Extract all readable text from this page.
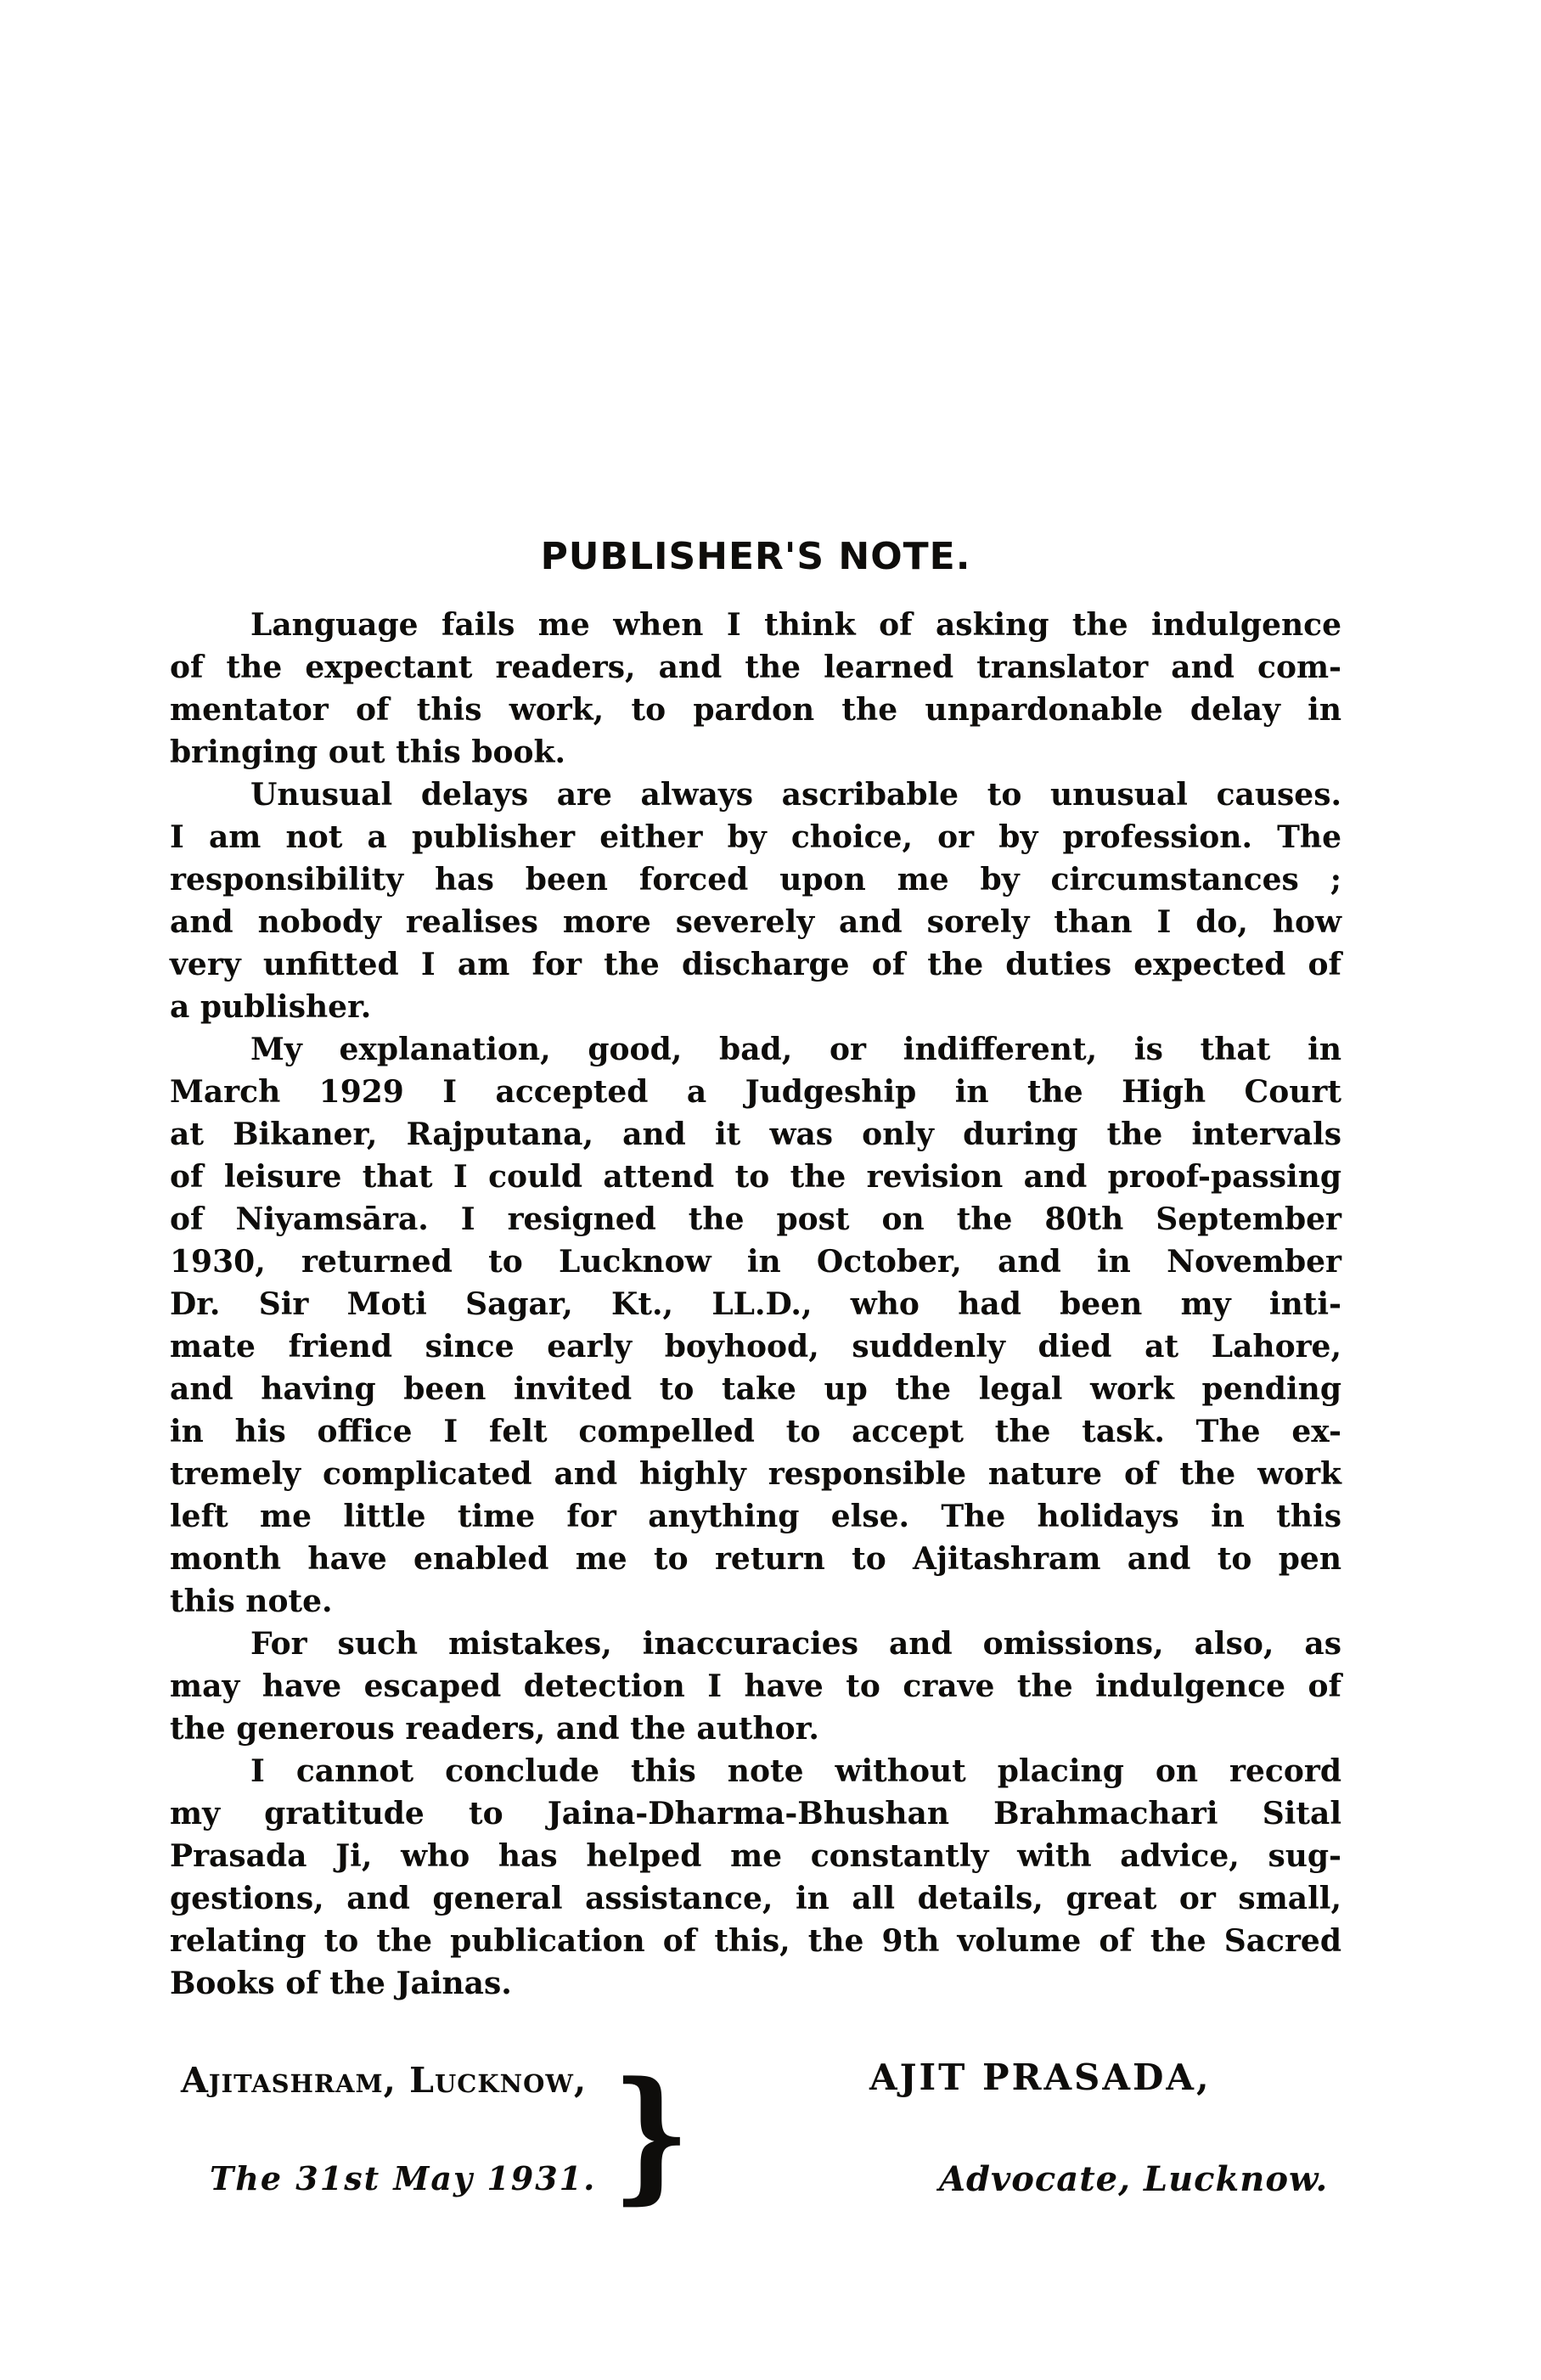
PUBLISHER'S NOTE.

Language fails me when I think of asking the indulgence
of the expectant readers, and the learned translator and com-
mentator of this work, to pardon the unpardonable delay in
bringing out this book.

Unusual delays are always ascribable to unusual causes.
I am not a publisher either by choice, or by profession. The
responsibility has been forced upon me by circumstances ;
and nobody realises more severely and sorely than I do, how
very unfitted I am for the discharge of the duties expected of
a publisher.

My explanation, good, bad, or indifferent, is that in
March 1929 I accepted a Judgeship in the High Court
at Bikaner, Rajputana, and it was only during the intervals
of leisure that I could attend to the revision and proof-passing
of Niyamsāra. I resigned the post on the 80th September
1930, returned to Lucknow in October, and in November
Dr. Sir Moti Sagar, Kt., LL.D., who had been my inti-
mate friend since early boyhood, suddenly died at Lahore,
and having been invited to take up the legal work pending
in his office I felt compelled to accept the task. The ex-
tremely complicated and highly responsible nature of the work
left me little time for anything else. The holidays in this
month have enabled me to return to Ajitashram and to pen
this note.

For such mistakes, inaccuracies and omissions, also, as
may have escaped detection I have to crave the indulgence of
the generous readers, and the author.

I cannot conclude this note without placing on record
my gratitude to Jaina-Dharma-Bhushan Brahmachari Sital
Prasada Ji, who has helped me constantly with advice, sug-
gestions, and general assistance, in all details, great or small,
relating to the publication of this, the 9th volume of the Sacred
Books of the Jainas.

Ajitashram, Lucknow,
The 31st May 1931. }	AJIT PRASADA,
Advocate, Lucknow.
